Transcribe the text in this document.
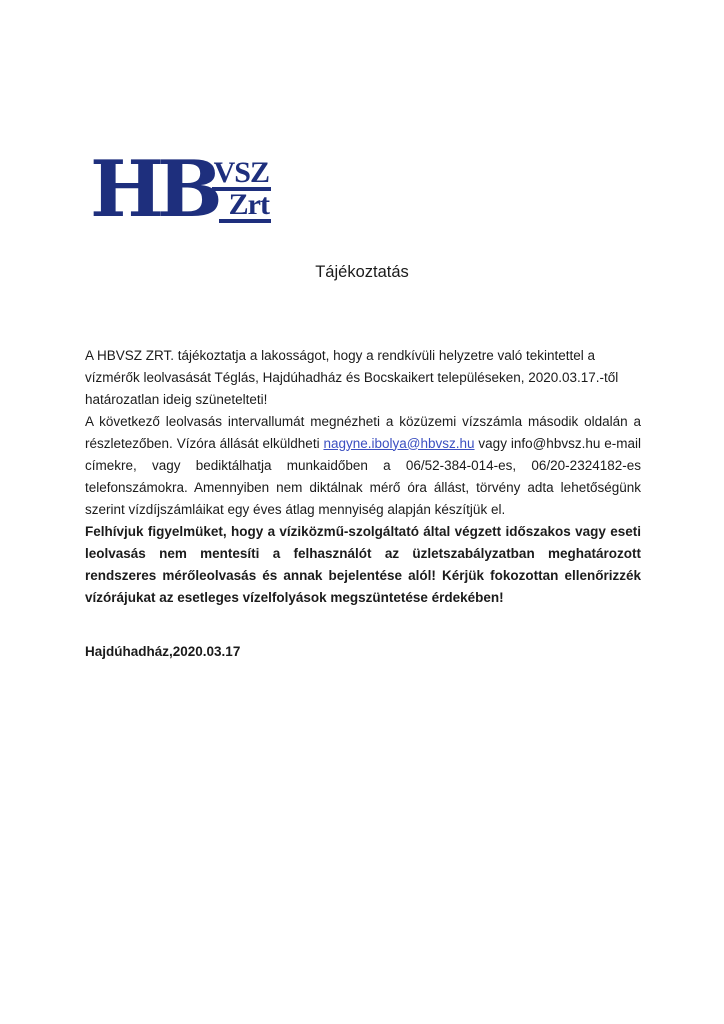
HB
VSZ
Zrt
Tájékoztatás

A HBVSZ ZRT. tájékoztatja a lakosságot, hogy a rendkívüli helyzetre való tekintettel a vízmérők leolvasását Téglás, Hajdúhadház és Bocskaikert településeken, 2020.03.17.-től határozatlan ideig szünetelteti!

A következő leolvasás intervallumát megnézheti a közüzemi vízszámla második oldalán a részletezőben. Vízóra állását elküldheti nagyne.ibolya@hbvsz.hu vagy info@hbvsz.hu e-mail címekre, vagy bediktálhatja munkaidőben a 06/52-384-014-es, 06/20-2324182-es telefonszámokra. Amennyiben nem diktálnak mérő óra állást, törvény adta lehetőségünk szerint vízdíjszámláikat egy éves átlag mennyiség alapján készítjük el.

Felhívjuk figyelmüket, hogy a víziközmű-szolgáltató által végzett időszakos vagy eseti leolvasás nem mentesíti a felhasználót az üzletszabályzatban meghatározott rendszeres mérőleolvasás és annak bejelentése alól! Kérjük fokozottan ellenőrizzék vízórájukat az esetleges vízelfolyások megszüntetése érdekében!

Hajdúhadház,2020.03.17
